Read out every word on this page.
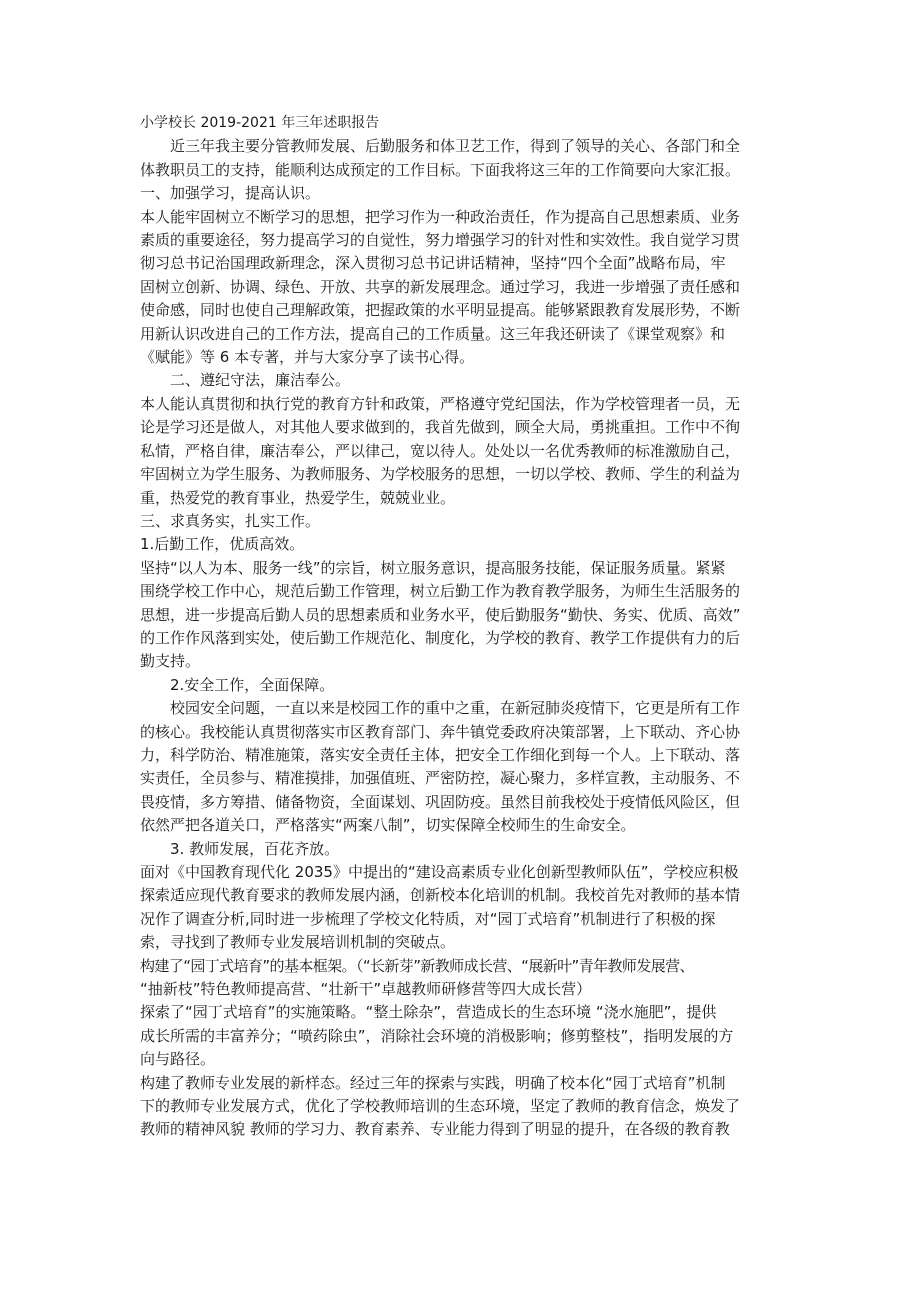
小学校长 2019-2021 年三年述职报告
近三年我主要分管教师发展、后勤服务和体卫艺工作，得到了领导的关心、各部门和全
体教职员工的支持，能顺利达成预定的工作目标。下面我将这三年的工作简要向大家汇报。
一、加强学习，提高认识。
本人能牢固树立不断学习的思想，把学习作为一种政治责任，作为提高自己思想素质、业务
素质的重要途径，努力提高学习的自觉性，努力增强学习的针对性和实效性。我自觉学习贯
彻习总书记治国理政新理念，深入贯彻习总书记讲话精神，坚持“四个全面”战略布局，牢
固树立创新、协调、绿色、开放、共享的新发展理念。通过学习，我进一步增强了责任感和
使命感，同时也使自己理解政策，把握政策的水平明显提高。能够紧跟教育发展形势，不断
用新认识改进自己的工作方法，提高自己的工作质量。这三年我还研读了《课堂观察》和
《赋能》等 6 本专著，并与大家分享了读书心得。
二、遵纪守法，廉洁奉公。
本人能认真贯彻和执行党的教育方针和政策，严格遵守党纪国法，作为学校管理者一员，无
论是学习还是做人，对其他人要求做到的，我首先做到，顾全大局，勇挑重担。工作中不徇
私情，严格自律，廉洁奉公，严以律己，宽以待人。处处以一名优秀教师的标准激励自己，
牢固树立为学生服务、为教师服务、为学校服务的思想，一切以学校、教师、学生的利益为
重，热爱党的教育事业，热爱学生，兢兢业业。
三、求真务实，扎实工作。
1.后勤工作，优质高效。
坚持“以人为本、服务一线”的宗旨，树立服务意识，提高服务技能，保证服务质量。紧紧
围绕学校工作中心，规范后勤工作管理，树立后勤工作为教育教学服务，为师生生活服务的
思想，进一步提高后勤人员的思想素质和业务水平，使后勤服务“勤快、务实、优质、高效”
的工作作风落到实处，使后勤工作规范化、制度化，为学校的教育、教学工作提供有力的后
勤支持。
2.安全工作，全面保障。
校园安全问题，一直以来是校园工作的重中之重，在新冠肺炎疫情下，它更是所有工作
的核心。我校能认真贯彻落实市区教育部门、奔牛镇党委政府决策部署，上下联动、齐心协
力，科学防治、精准施策，落实安全责任主体，把安全工作细化到每一个人。上下联动、落
实责任，全员参与、精准摸排，加强值班、严密防控，凝心聚力，多样宣教，主动服务、不
畏疫情，多方筹措、储备物资，全面谋划、巩固防疫。虽然目前我校处于疫情低风险区，但
依然严把各道关口，严格落实“两案八制”，切实保障全校师生的生命安全。
3. 教师发展，百花齐放。
面对《中国教育现代化 2035》中提出的“建设高素质专业化创新型教师队伍”，学校应积极
探索适应现代教育要求的教师发展内涵，创新校本化培训的机制。我校首先对教师的基本情
况作了调查分析,同时进一步梳理了学校文化特质，对“园丁式培育”机制进行了积极的探
索，寻找到了教师专业发展培训机制的突破点。
构建了“园丁式培育”的基本框架。（“长新芽”新教师成长营、“展新叶”青年教师发展营、
“抽新枝”特色教师提高营、“壮新干”卓越教师研修营等四大成长营）
探索了“园丁式培育”的实施策略。“整土除杂”，营造成长的生态环境 “浇水施肥”，提供
成长所需的丰富养分；“喷药除虫”，消除社会环境的消极影响；修剪整枝”，指明发展的方
向与路径。
构建了教师专业发展的新样态。经过三年的探索与实践，明确了校本化“园丁式培育”机制
下的教师专业发展方式，优化了学校教师培训的生态环境，坚定了教师的教育信念，焕发了
教师的精神风貌 教师的学习力、教育素养、专业能力得到了明显的提升，在各级的教育教
